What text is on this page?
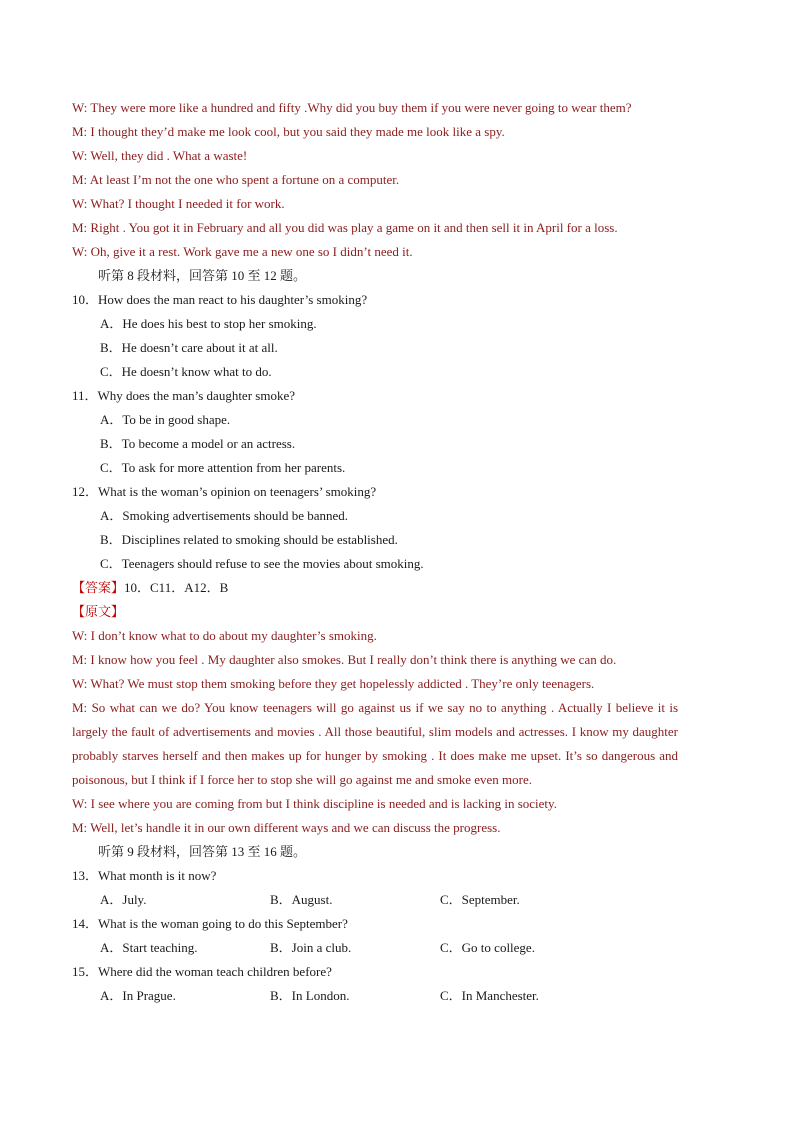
W: They were more like a hundred and fifty .Why did you buy them if you were never going to wear them?
M: I thought they’d make me look cool, but you said they made me look like a spy.
W: Well, they did . What a waste!
M: At least I’m not the one who spent a fortune on a computer.
W: What? I thought I needed it for work.
M: Right . You got it in February and all you did was play a game on it and then sell it in April for a loss.
W: Oh, give it a rest. Work gave me a new one so I didn’t need it.
听第 8 段材料，回答第 10 至 12 题。
10．How does the man react to his daughter’s smoking?
A．He does his best to stop her smoking.
B．He doesn’t care about it at all.
C．He doesn’t know what to do.
11．Why does the man’s daughter smoke?
A．To be in good shape.
B．To become a model or an actress.
C．To ask for more attention from her parents.
12．What is the woman’s opinion on teenagers’ smoking?
A．Smoking advertisements should be banned.
B．Disciplines related to smoking should be established.
C．Teenagers should refuse to see the movies about smoking.
【答案】10．C11．A12．B
【原文】
W: I don’t know what to do about my daughter’s smoking.
M: I know how you feel . My daughter also smokes. But I really don’t think there is anything we can do.
W: What? We must stop them smoking before they get hopelessly addicted . They’re only teenagers.
M: So what can we do? You know teenagers will go against us if we say no to anything . Actually I believe it is largely the fault of advertisements and movies . All those beautiful, slim models and actresses. I know my daughter probably starves herself and then makes up for hunger by smoking . It does make me upset. It’s so dangerous and poisonous, but I think if I force her to stop she will go against me and smoke even more.
W: I see where you are coming from but I think discipline is needed and is lacking in society.
M: Well, let’s handle it in our own different ways and we can discuss the progress.
听第 9 段材料，回答第 13 至 16 题。
13．What month is it now?
A．July.	B．August.	C．September.
14．What is the woman going to do this September?
A．Start teaching.	B．Join a club.	C．Go to college.
15．Where did the woman teach children before?
A．In Prague.	B．In London.	C．In Manchester.
